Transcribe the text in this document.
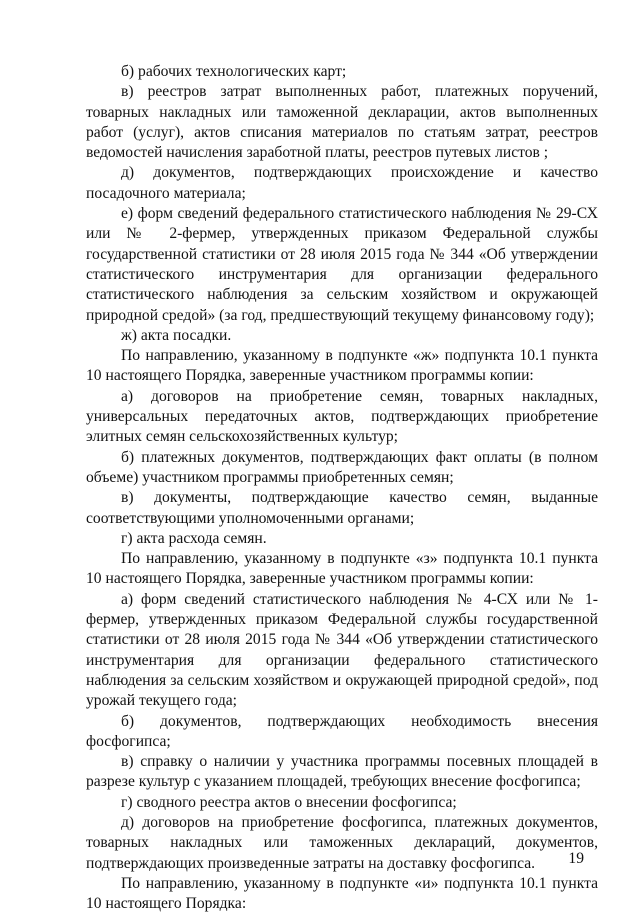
б) рабочих технологических карт;

в) реестров затрат выполненных работ, платежных поручений, товарных накладных или таможенной декларации, актов выполненных работ (услуг), актов списания материалов по статьям затрат, реестров ведомостей начисления заработной платы, реестров путевых листов ;

д) документов, подтверждающих происхождение и качество посадочного материала;

е) форм сведений федерального статистического наблюдения № 29-СХ или № 2-фермер, утвержденных приказом Федеральной службы государственной статистики от 28 июля 2015 года № 344 «Об утверждении статистического инструментария для организации федерального статистического наблюдения за сельским хозяйством и окружающей природной средой» (за год, предшествующий текущему финансовому году);

ж) акта посадки.

По направлению, указанному в подпункте «ж» подпункта 10.1 пункта 10 настоящего Порядка, заверенные участником программы копии:

а) договоров на приобретение семян, товарных накладных, универсальных передаточных актов, подтверждающих приобретение элитных семян сельскохозяйственных культур;

б) платежных документов, подтверждающих факт оплаты (в полном объеме) участником программы приобретенных семян;

в) документы, подтверждающие качество семян, выданные соответствующими уполномоченными органами;

г) акта расхода семян.

По направлению, указанному в подпункте «з» подпункта 10.1 пункта 10 настоящего Порядка, заверенные участником программы копии:

а) форм сведений статистического наблюдения № 4-СХ или № 1-фермер, утвержденных приказом Федеральной службы государственной статистики от 28 июля 2015 года № 344 «Об утверждении статистического инструментария для организации федерального статистического наблюдения за сельским хозяйством и окружающей природной средой», под урожай текущего года;

б) документов, подтверждающих необходимость внесения фосфогипса;

в) справку о наличии у участника программы посевных площадей в разрезе культур с указанием площадей, требующих внесение фосфогипса;

г) сводного реестра актов о внесении фосфогипса;

д) договоров на приобретение фосфогипса, платежных документов, товарных накладных или таможенных деклараций, документов, подтверждающих произведенные затраты на доставку фосфогипса.

По направлению, указанному в подпункте «и» подпункта 10.1 пункта 10 настоящего Порядка:

19
